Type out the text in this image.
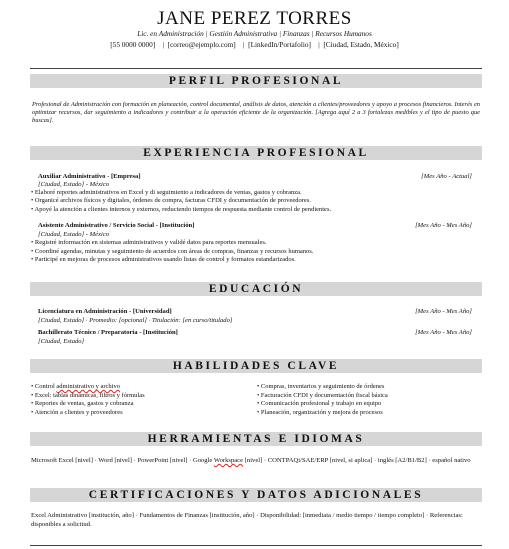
JANE PEREZ TORRES
Lic. en Administración | Gestión Administrativa | Finanzas | Recursos Humanos
[55 0000 0000]    |  [correo@ejemplo.com]    |  [LinkedIn/Portafolio]    |  [Ciudad, Estado, México]
PERFIL PROFESIONAL
Profesional de Administración con formación en planeación, control documental, análisis de datos, atención a clientes/proveedores y apoyo a procesos financieros. Interés en optimizar recursos, dar seguimiento a indicadores y contribuir a la operación eficiente de la organización. [Agrega aquí 2 a 3 fortalezas medibles y el tipo de puesto que buscas].
EXPERIENCIA PROFESIONAL
Auxiliar Administrativo - [Empresa]	[Mes Año - Actual]
[Ciudad, Estado] - México
• Elaboré reportes administrativos en Excel y di seguimiento a indicadores de ventas, gastos y cobranza.
• Organicé archivos físicos y digitales, órdenes de compra, facturas CFDI y documentación de proveedores.
• Apoyé la atención a clientes internos y externos, reduciendo tiempos de respuesta mediante control de pendientes.
Asistente Administrativo / Servicio Social - [Institución]	[Mes Año - Mes Año]
[Ciudad, Estado] - México
• Registré información en sistemas administrativos y validé datos para reportes mensuales.
• Coordiné agendas, minutas y seguimiento de acuerdos con áreas de compras, finanzas y recursos humanos.
• Participé en mejoras de procesos administrativos usando listas de control y formatos estandarizados.
EDUCACIÓN
Licenciatura en Administración - [Universidad]	[Mes Año - Mes Año]
[Ciudad, Estado] · Promedio: [opcional] · Titulación: [en curso/titulado]
Bachillerato Técnico / Preparatoria - [Institución]	[Mes Año - Mes Año]
[Ciudad, Estado]
HABILIDADES CLAVE
• Control administrativo y archivo
• Excel: tablas dinámicas, filtros y fórmulas
• Reportes de ventas, gastos y cobranza
• Atención a clientes y proveedores
• Compras, inventarios y seguimiento de órdenes
• Facturación CFDI y documentación fiscal básica
• Comunicación profesional y trabajo en equipo
• Planeación, organización y mejora de procesos
HERRAMIENTAS E IDIOMAS
Microsoft Excel [nivel] · Word [nivel] · PowerPoint [nivel] · Google Workspace [nivel] · CONTPAQi/SAE/ERP [nivel, si aplica] · inglés [A2/B1/B2] · español nativo
CERTIFICACIONES Y DATOS ADICIONALES
Excel Administrativo [institución, año] · Fundamentos de Finanzas [institución, año] · Disponibilidad: [inmediata / medio tiempo / tiempo completo] · Referencias: disponibles a solicitud.
